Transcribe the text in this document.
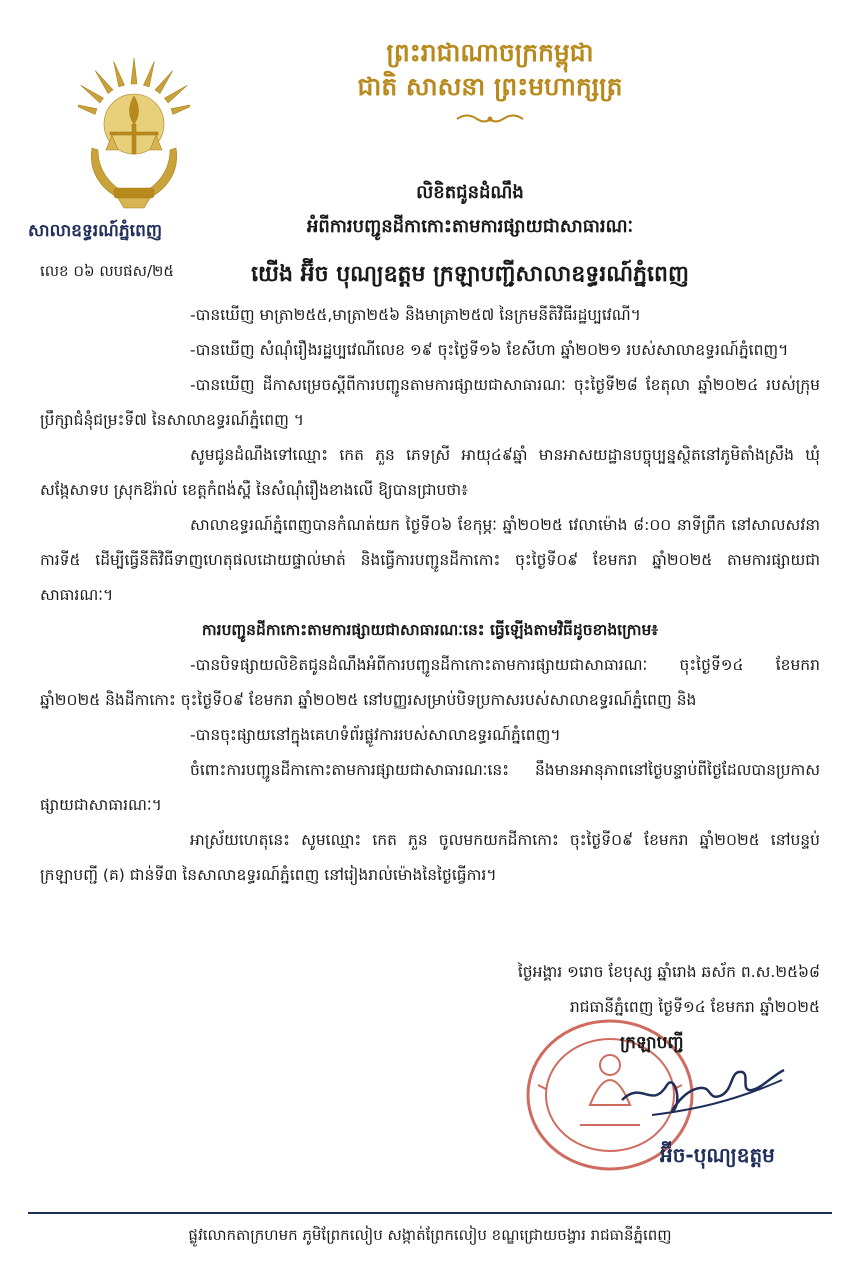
ព្រះរាជាណាចក្រកម្ពុជា
ជាតិ សាសនា ព្រះមហាក្សត្រ
សាលាឧទ្ធរណ៍ភ្នំពេញ
លេខ ០៦ លបផស/២៥
លិខិតជូនដំណឹង
អំពីការបញ្ជូនដីកាកោះតាមការផ្សាយជាសាធារណៈ
យើង អ៊ីច បុណ្យឧត្តម ក្រឡាបញ្ជីសាលាឧទ្ធរណ៍ភ្នំពេញ

-បានឃើញ មាត្រា២៥៥,មាត្រា២៥៦ និងមាត្រា២៥៧ នៃក្រមនីតិវិធីរដ្ឋប្បវេណី។

-បានឃើញ សំណុំរឿងរដ្ឋប្បវេណីលេខ ១៩ ចុះថ្ងៃទី១៦ ខែសីហា ឆ្នាំ២០២១ របស់សាលាឧទ្ធរណ៍ភ្នំពេញ។

-បានឃើញ ដីកាសម្រេចស្តីពីការបញ្ជូនតាមការផ្សាយជាសាធារណៈ ចុះថ្ងៃទី២៨ ខែតុលា ឆ្នាំ២០២៤ របស់ក្រុមប្រឹក្សាជំនុំជម្រះទី៧ នៃសាលាឧទ្ធរណ៍ភ្នំពេញ ។

សូមជូនដំណឹងទៅឈ្មោះ កេត ភួន ភេទស្រី អាយុ៤៩ឆ្នាំ មានអាសយដ្ឋានបច្ចុប្បន្នស្ថិតនៅភូមិតាំងស្រឹង ឃុំសង្កែសាទប ស្រុកឱរ៉ាល់ ខេត្តកំពង់ស្ពឺ នៃសំណុំរឿងខាងលើ ឱ្យបានជ្រាបថា៖

សាលាឧទ្ធរណ៍ភ្នំពេញបានកំណត់យក ថ្ងៃទី០៦ ខែកុម្ភៈ ឆ្នាំ២០២៥ វេលាម៉ោង ៨:០០ នាទីព្រឹក នៅសាលសវនាការទី៥ ដើម្បីធ្វើនីតិវិធីទាញហេតុផលដោយផ្ទាល់មាត់ និងធ្វើការបញ្ជូនដីកាកោះ ចុះថ្ងៃទី០៩ ខែមករា ឆ្នាំ២០២៥ តាមការផ្សាយជាសាធារណៈ។

ការបញ្ជូនដីកាកោះតាមការផ្សាយជាសាធារណៈនេះ ធ្វើឡើងតាមវិធីដូចខាងក្រោម៖

-បានបិទផ្សាយលិខិតជូនដំណឹងអំពីការបញ្ជូនដីកាកោះតាមការផ្សាយជាសាធារណៈ ចុះថ្ងៃទី១៤ ខែមករា ឆ្នាំ២០២៥ និងដីកាកោះ ចុះថ្ងៃទី០៩ ខែមករា ឆ្នាំ២០២៥ នៅបញ្ញរសម្រាប់បិទប្រកាសរបស់សាលាឧទ្ធរណ៍ភ្នំពេញ និង

-បានចុះផ្សាយនៅក្នុងគេហទំព័រផ្លូវការរបស់សាលាឧទ្ធរណ៍ភ្នំពេញ។

ចំពោះការបញ្ជូនដីកាកោះតាមការផ្សាយជាសាធារណៈនេះ នឹងមានអានុភាពនៅថ្ងៃបន្ទាប់ពីថ្ងៃដែលបានប្រកាសផ្សាយជាសាធារណៈ។

អាស្រ័យហេតុនេះ សូមឈ្មោះ កេត ភួន ចូលមកយកដីកាកោះ ចុះថ្ងៃទី០៩ ខែមករា ឆ្នាំ២០២៥ នៅបន្ទប់ក្រឡាបញ្ជី (គ) ជាន់ទី៣ នៃសាលាឧទ្ធរណ៍ភ្នំពេញ នៅរៀងរាល់ម៉ោងនៃថ្ងៃធ្វើការ។

ថ្ងៃអង្គារ ១រោច ខែបុស្ស ឆ្នាំរោង ឆស័ក ព.ស.២៥៦៨
រាជធានីភ្នំពេញ ថ្ងៃទី១៤ ខែមករា ឆ្នាំ២០២៥
ក្រឡាបញ្ជី
អ៊ីច-បុណ្យឧត្តម
ផ្លូវលោកតាក្រហមក ភូមិព្រែកលៀប សង្កាត់ព្រែកលៀប ខណ្ឌជ្រោយចង្វារ រាជធានីភ្នំពេញ
